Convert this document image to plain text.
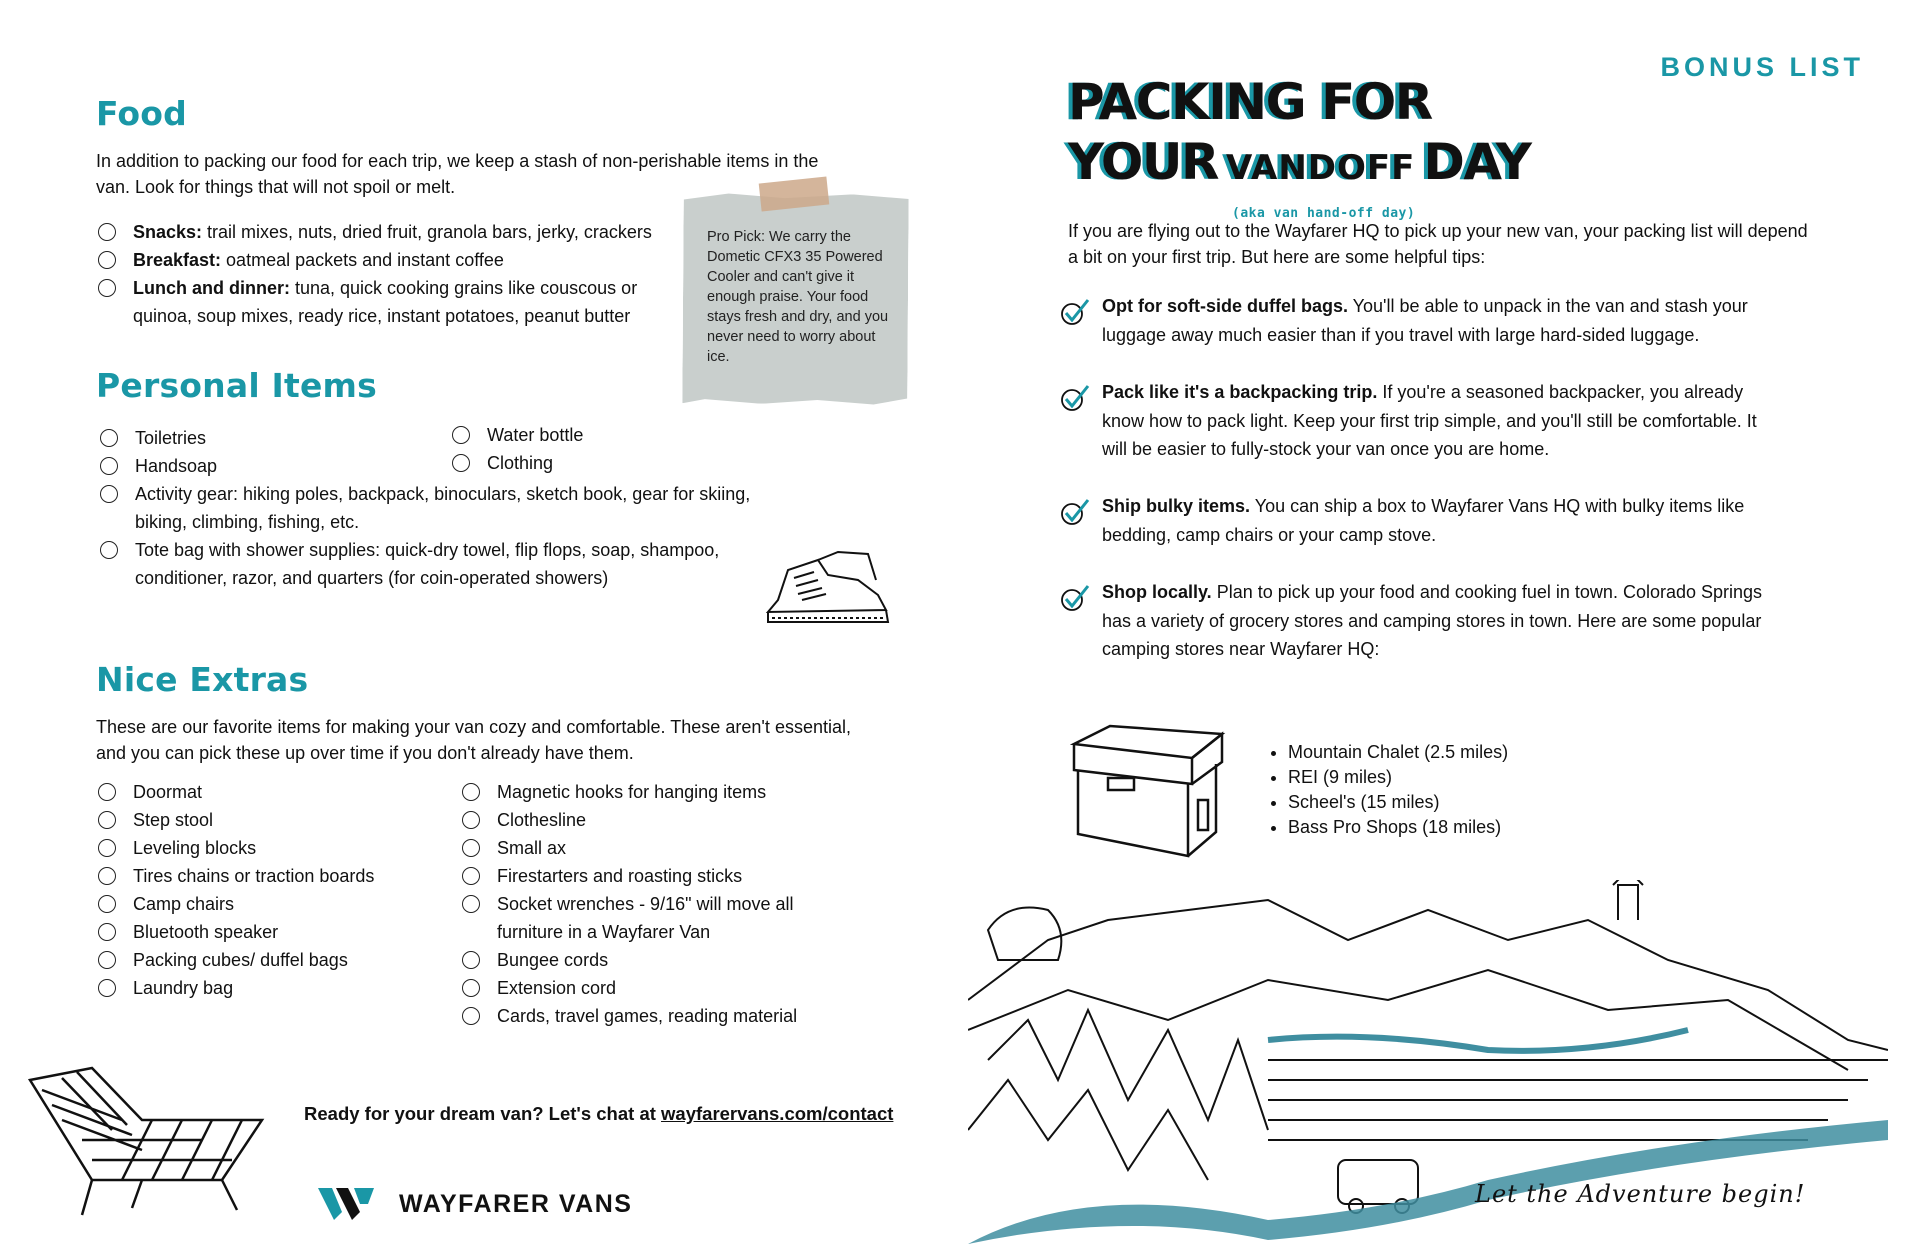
Food

In addition to packing our food for each trip, we keep a stash of non-perishable items in the van. Look for things that will not spoil or melt.

Snacks: trail mixes, nuts, dried fruit, granola bars, jerky, crackers
Breakfast: oatmeal packets and instant coffee
Lunch and dinner: tuna, quick cooking grains like couscous or quinoa, soup mixes, ready rice, instant potatoes, peanut butter
Pro Pick: We carry the Dometic CFX3 35 Powered Cooler and can't give it enough praise. Your food stays fresh and dry, and you never need to worry about ice.
Personal Items
Toiletries
Handsoap
Water bottle
Clothing
Activity gear: hiking poles, backpack, binoculars, sketch book, gear for skiing, biking, climbing, fishing, etc.
Tote bag with shower supplies: quick-dry towel, flip flops, soap, shampoo, conditioner, razor, and quarters (for coin-operated showers)
Nice Extras

These are our favorite items for making your van cozy and comfortable. These aren't essential, and you can pick these up over time if you don't already have them.

Doormat
Step stool
Leveling blocks
Tires chains or traction boards
Camp chairs
Bluetooth speaker
Packing cubes/ duffel bags
Laundry bag
Magnetic hooks for hanging items
Clothesline
Small ax
Firestarters and roasting sticks
Socket wrenches - 9/16" will move all furniture in a Wayfarer Van
Bungee cords
Extension cord
Cards, travel games, reading material
Ready for your dream van? Let's chat at wayfarervans.com/contact
WAYFARER VANS
BONUS LIST
PACKING FOR
YOUR VANDOFF DAY
(aka van hand-off day)

If you are flying out to the Wayfarer HQ to pick up your new van, your packing list will depend a bit on your first trip. But here are some helpful tips:

Opt for soft-side duffel bags. You'll be able to unpack in the van and stash your luggage away much easier than if you travel with large hard-sided luggage.

Pack like it's a backpacking trip. If you're a seasoned backpacker, you already know how to pack light. Keep your first trip simple, and you'll still be comfortable. It will be easier to fully-stock your van once you are home.

Ship bulky items. You can ship a box to Wayfarer Vans HQ with bulky items like bedding, camp chairs or your camp stove.

Shop locally. Plan to pick up your food and cooking fuel in town. Colorado Springs has a variety of grocery stores and camping stores in town. Here are some popular camping stores near Wayfarer HQ:

• Mountain Chalet (2.5 miles)
• REI (9 miles)
• Scheel's (15 miles)
• Bass Pro Shops (18 miles)
Let the Adventure begin!
